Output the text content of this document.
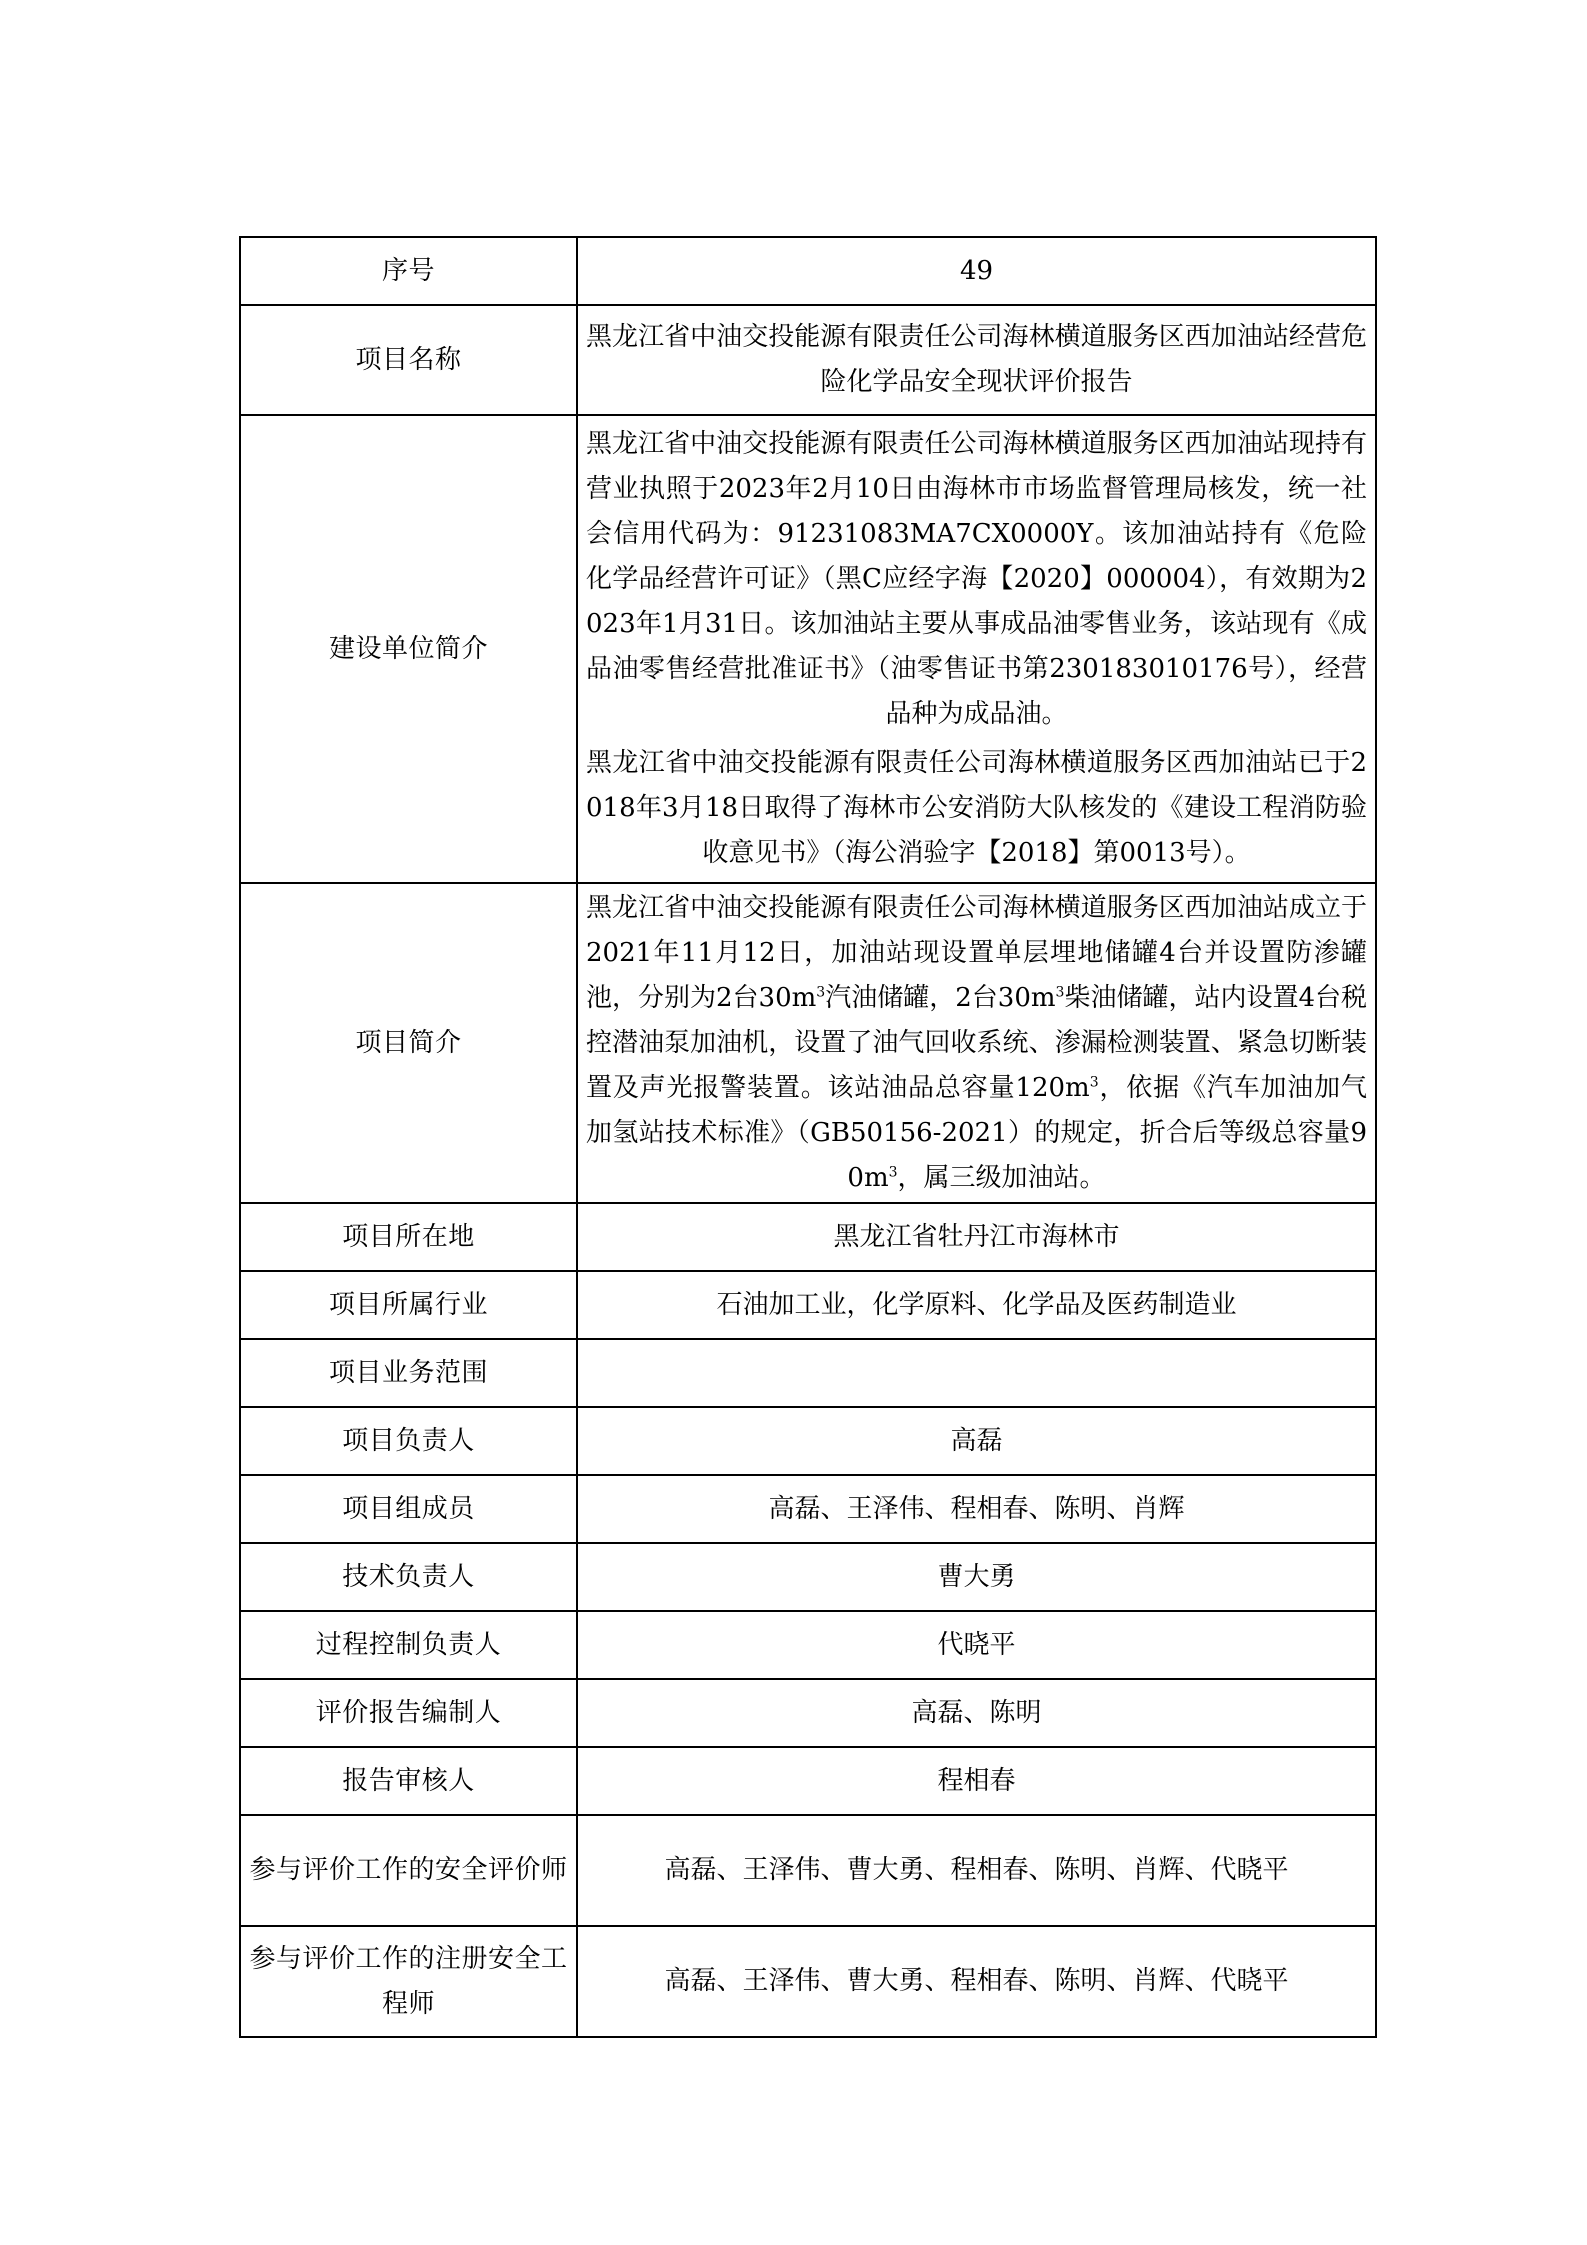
序号	49
项目名称	黑龙江省中油交投能源有限责任公司海林横道服务区西加油站经营危险化学品安全现状评价报告

建设单位简介	黑龙江省中油交投能源有限责任公司海林横道服务区西加油站现持有营业执照于2023年2月10日由海林市市场监督管理局核发，统一社会信用代码为：91231083MA7CX0000Y。该加油站持有《危险化学品经营许可证》（黑C应经字海【2020】000004），有效期为2023年1月31日。该加油站主要从事成品油零售业务，该站现有《成品油零售经营批准证书》（油零售证书第230183010176号），经营品种为成品油。

黑龙江省中油交投能源有限责任公司海林横道服务区西加油站已于2018年3月18日取得了海林市公安消防大队核发的《建设工程消防验收意见书》（海公消验字【2018】第0013号）。

项目简介	黑龙江省中油交投能源有限责任公司海林横道服务区西加油站成立于2021年11月12日，加油站现设置单层埋地储罐4台并设置防渗罐池，分别为2台$30m^3$汽油储罐，2台$30m^3$柴油储罐，站内设置4台税控潜油泵加油机，设置了油气回收系统、渗漏检测装置、紧急切断装置及声光报警装置。该站油品总容量$120m^3$，依据《汽车加油加气加氢站技术标准》（GB50156-2021）的规定，折合后等级总容量$90m^3$，属三级加油站。

项目所在地	黑龙江省牡丹江市海林市
项目所属行业	石油加工业，化学原料、化学品及医药制造业
项目业务范围	
项目负责人	高磊
项目组成员	高磊、王泽伟、程相春、陈明、肖辉
技术负责人	曹大勇
过程控制负责人	代晓平
评价报告编制人	高磊、陈明
报告审核人	程相春
参与评价工作的安全评价师	高磊、王泽伟、曹大勇、程相春、陈明、肖辉、代晓平
参与评价工作的注册安全工程师	高磊、王泽伟、曹大勇、程相春、陈明、肖辉、代晓平
